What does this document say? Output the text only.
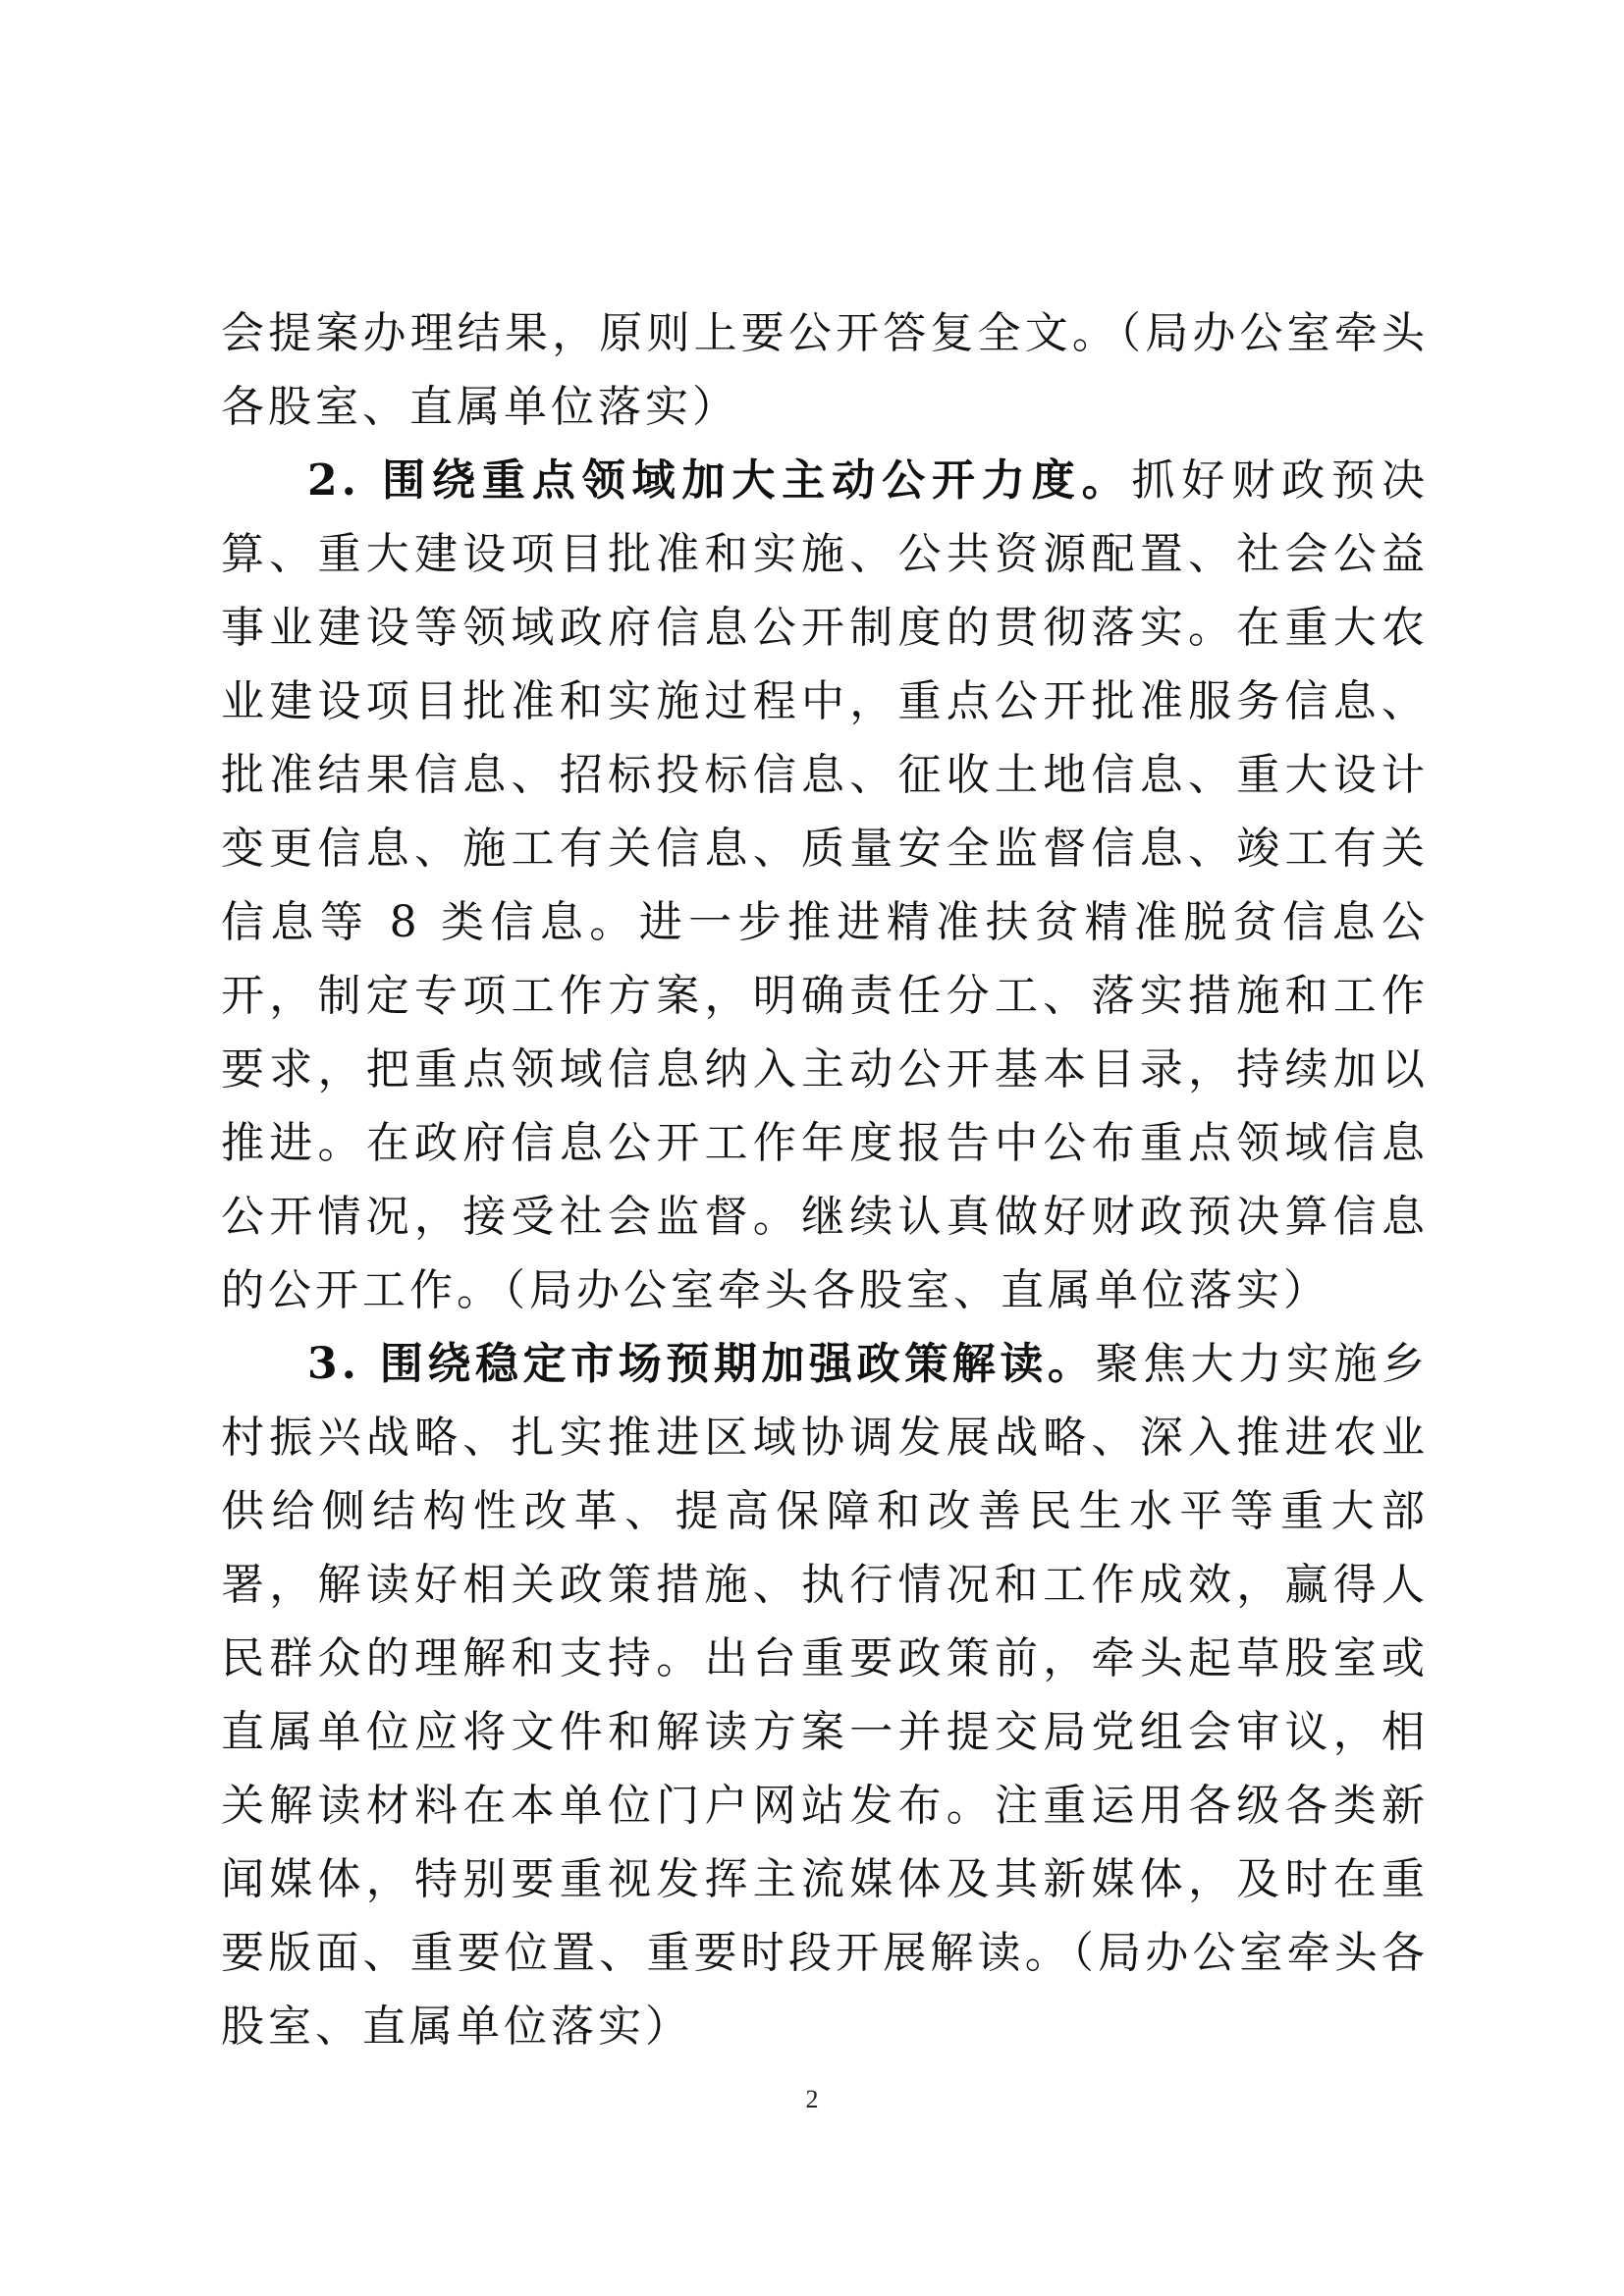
会提案办理结果，原则上要公开答复全文。（局办公室牵头各股室、直属单位落实）

2. 围绕重点领域加大主动公开力度。抓好财政预决算、重大建设项目批准和实施、公共资源配置、社会公益事业建设等领域政府信息公开制度的贯彻落实。在重大农业建设项目批准和实施过程中，重点公开批准服务信息、批准结果信息、招标投标信息、征收土地信息、重大设计变更信息、施工有关信息、质量安全监督信息、竣工有关信息等 8 类信息。进一步推进精准扶贫精准脱贫信息公开，制定专项工作方案，明确责任分工、落实措施和工作要求，把重点领域信息纳入主动公开基本目录，持续加以推进。在政府信息公开工作年度报告中公布重点领域信息公开情况，接受社会监督。继续认真做好财政预决算信息的公开工作。（局办公室牵头各股室、直属单位落实）

3. 围绕稳定市场预期加强政策解读。聚焦大力实施乡村振兴战略、扎实推进区域协调发展战略、深入推进农业供给侧结构性改革、提高保障和改善民生水平等重大部署，解读好相关政策措施、执行情况和工作成效，赢得人民群众的理解和支持。出台重要政策前，牵头起草股室或直属单位应将文件和解读方案一并提交局党组会审议，相关解读材料在本单位门户网站发布。注重运用各级各类新闻媒体，特别要重视发挥主流媒体及其新媒体，及时在重要版面、重要位置、重要时段开展解读。（局办公室牵头各股室、直属单位落实）

2
